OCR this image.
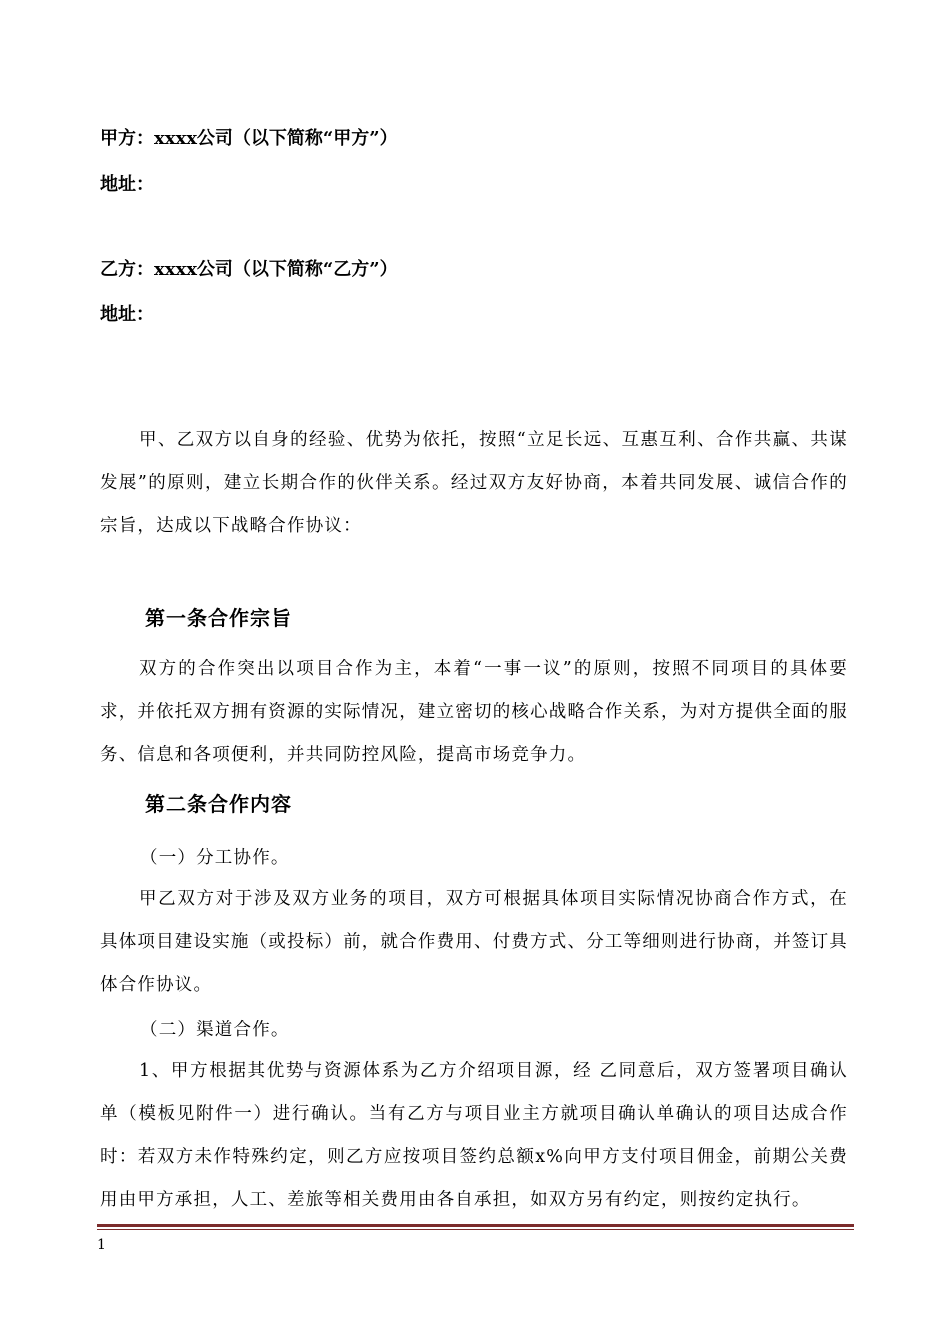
甲方：xxxx公司（以下简称“甲方”）
地址：
乙方：xxxx公司（以下简称“乙方”）
地址：

甲、乙双方以自身的经验、优势为依托，按照“立足长远、互惠互利、合作共赢、共谋发展”的原则，建立长期合作的伙伴关系。经过双方友好协商，本着共同发展、诚信合作的宗旨，达成以下战略合作协议：

第一条合作宗旨

双方的合作突出以项目合作为主，本着“一事一议”的原则，按照不同项目的具体要求，并依托双方拥有资源的实际情况，建立密切的核心战略合作关系，为对方提供全面的服务、信息和各项便利，并共同防控风险，提高市场竞争力。

第二条合作内容
（一）分工协作。

甲乙双方对于涉及双方业务的项目，双方可根据具体项目实际情况协商合作方式，在具体项目建设实施（或投标）前，就合作费用、付费方式、分工等细则进行协商，并签订具体合作协议。

（二）渠道合作。

1、甲方根据其优势与资源体系为乙方介绍项目源，经 乙同意后，双方签署项目确认单（模板见附件一）进行确认。当有乙方与项目业主方就项目确认单确认的项目达成合作时：若双方未作特殊约定，则乙方应按项目签约总额x%向甲方支付项目佣金，前期公关费用由甲方承担，人工、差旅等相关费用由各自承担，如双方另有约定，则按约定执行。

1
